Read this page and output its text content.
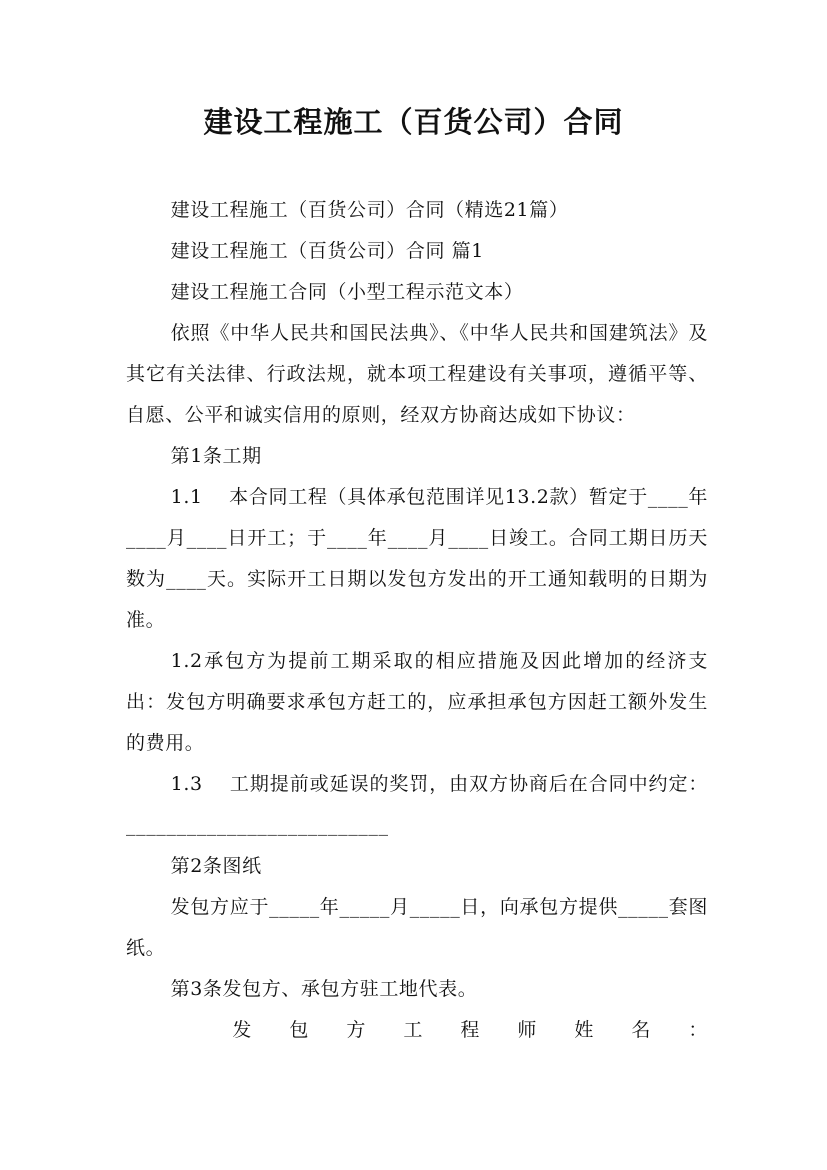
建设工程施工（百货公司）合同

建设工程施工（百货公司）合同（精选21篇）

建设工程施工（百货公司）合同 篇1

建设工程施工合同（小型工程示范文本）

依照《中华人民共和国民法典》、《中华人民共和国建筑法》及其它有关法律、行政法规，就本项工程建设有关事项，遵循平等、自愿、公平和诚实信用的原则，经双方协商达成如下协议：

第1条工期

1.1　 本合同工程（具体承包范围详见13.2款）暂定于____年____月____日开工；于____年____月____日竣工。合同工期日历天数为____天。实际开工日期以发包方发出的开工通知载明的日期为准。

1.2承包方为提前工期采取的相应措施及因此增加的经济支出：发包方明确要求承包方赶工的，应承担承包方因赶工额外发生的费用。

1.3　 工期提前或延误的奖罚，由双方协商后在合同中约定：__________________________

第2条图纸

发包方应于_____年_____月_____日，向承包方提供_____套图纸。

第3条发包方、承包方驻工地代表。

发包方工程师姓名：
